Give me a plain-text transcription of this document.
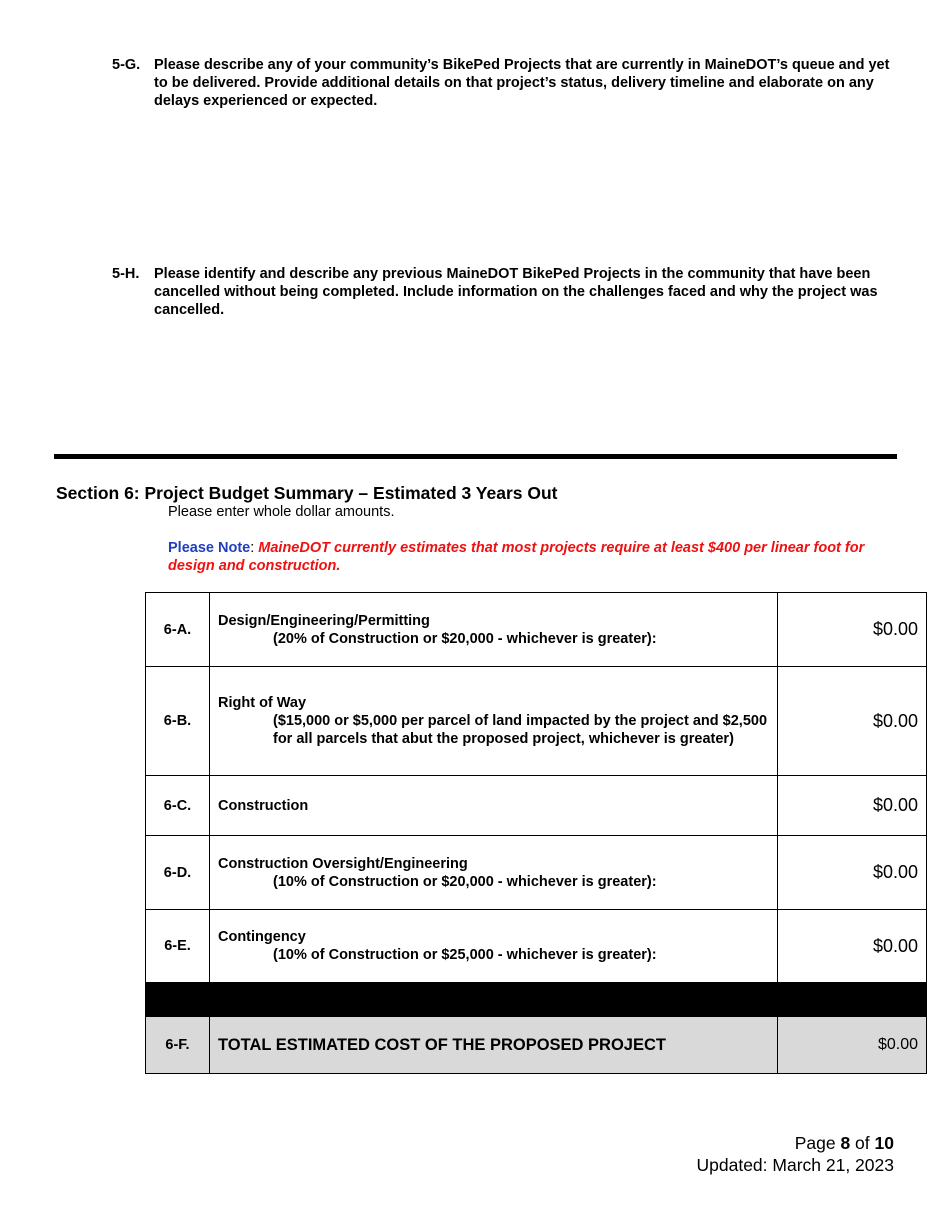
5-G. Please describe any of your community’s BikePed Projects that are currently in MaineDOT’s queue and yet to be delivered. Provide additional details on that project’s status, delivery timeline and elaborate on any delays experienced or expected.
5-H. Please identify and describe any previous MaineDOT BikePed Projects in the community that have been cancelled without being completed. Include information on the challenges faced and why the project was cancelled.
Section 6: Project Budget Summary – Estimated 3 Years Out
Please enter whole dollar amounts.
Please Note: MaineDOT currently estimates that most projects require at least $400 per linear foot for design and construction.
6-A.	Design/Engineering/Permitting
(20% of Construction or $20,000 - whichever is greater):	$0.00
6-B.	Right of Way
($15,000 or $5,000 per parcel of land impacted by the project and $2,500 for all parcels that abut the proposed project, whichever is greater)	$0.00
6-C.	Construction	$0.00
6-D.	Construction Oversight/Engineering
(10% of Construction or $20,000 - whichever is greater):	$0.00
6-E.	Contingency
(10% of Construction or $25,000 - whichever is greater):	$0.00

6-F.	TOTAL ESTIMATED COST OF THE PROPOSED PROJECT	$0.00
Page 8 of 10
Updated: March 21, 2023
